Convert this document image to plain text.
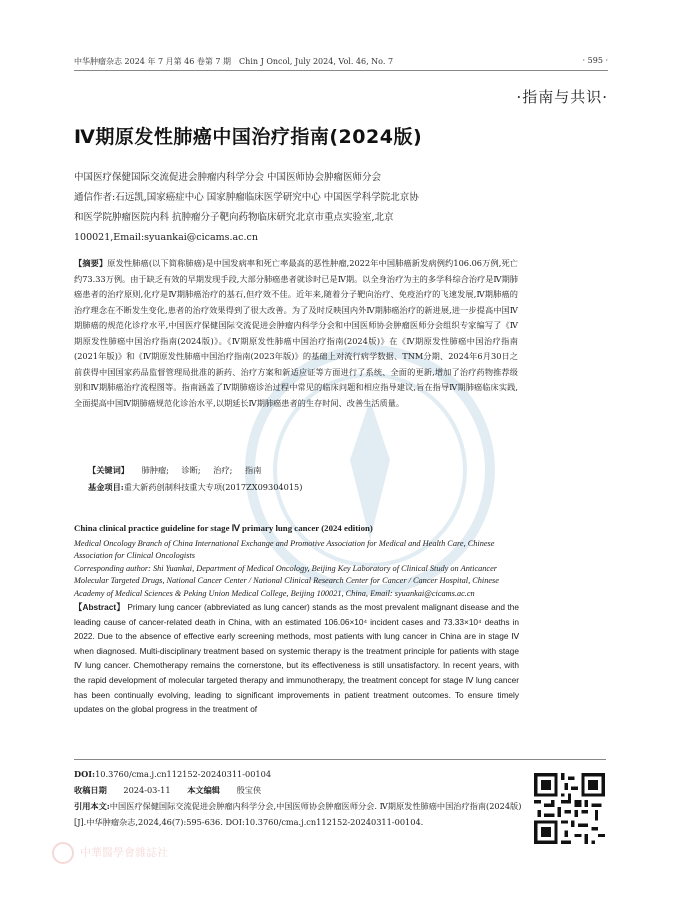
中华肿瘤杂志 2024 年 7 月第 46 卷第 7 期　Chin J Oncol, July 2024, Vol. 46, No. 7	· 595 ·
·指南与共识·
Ⅳ期原发性肺癌中国治疗指南(2024版)
中国医疗保健国际交流促进会肿瘤内科学分会 中国医师协会肿瘤医师分会
通信作者:石远凯,国家癌症中心 国家肿瘤临床医学研究中心 中国医学科学院北京协
和医学院肿瘤医院内科 抗肿瘤分子靶向药物临床研究北京市重点实验室,北京
100021,Email:syuankai@cicams.ac.cn
【摘要】原发性肺癌(以下简称肺癌)是中国发病率和死亡率最高的恶性肿瘤,2022年中国肺癌新发病例约106.06万例,死亡约73.33万例。由于缺乏有效的早期发现手段,大部分肺癌患者就诊时已是Ⅳ期。以全身治疗为主的多学科综合治疗是Ⅳ期肺癌患者的治疗原则,化疗是Ⅳ期肺癌治疗的基石,但疗效不佳。近年来,随着分子靶向治疗、免疫治疗的飞速发展,Ⅳ期肺癌的治疗理念在不断发生变化,患者的治疗效果得到了很大改善。为了及时反映国内外Ⅳ期肺癌治疗的新进展,进一步提高中国Ⅳ期肺癌的规范化诊疗水平,中国医疗保健国际交流促进会肿瘤内科学分会和中国医师协会肿瘤医师分会组织专家编写了《Ⅳ期原发性肺癌中国治疗指南(2024版)》。《Ⅳ期原发性肺癌中国治疗指南(2024版)》在《Ⅳ期原发性肺癌中国治疗指南(2021年版)》和《Ⅳ期原发性肺癌中国治疗指南(2023年版)》的基础上对流行病学数据、TNM分期、2024年6月30日之前获得中国国家药品监督管理局批准的新药、治疗方案和新适应证等方面进行了系统、全面的更新,增加了治疗药物推荐级别和Ⅳ期肺癌治疗流程图等。指南涵盖了Ⅳ期肺癌诊治过程中常见的临床问题和相应指导建议,旨在指导Ⅳ期肺癌临床实践,全面提高中国Ⅳ期肺癌规范化诊治水平,以期延长Ⅳ期肺癌患者的生存时间、改善生活质量。
【关键词】 肺肿瘤; 诊断; 治疗; 指南
基金项目:重大新药创制科技重大专项(2017ZX09304015)
China clinical practice guideline for stage Ⅳ primary lung cancer (2024 edition)
Medical Oncology Branch of China International Exchange and Promotive Association for Medical and Health Care, Chinese Association for Clinical Oncologists
Corresponding author: Shi Yuankai, Department of Medical Oncology, Beijing Key Laboratory of Clinical Study on Anticancer Molecular Targeted Drugs, National Cancer Center / National Clinical Research Center for Cancer / Cancer Hospital, Chinese Academy of Medical Sciences & Peking Union Medical College, Beijing 100021, China, Email: syuankai@cicams.ac.cn
【Abstract】 Primary lung cancer (abbreviated as lung cancer) stands as the most prevalent malignant disease and the leading cause of cancer-related death in China, with an estimated 106.06×10⁴ incident cases and 73.33×10⁴ deaths in 2022. Due to the absence of effective early screening methods, most patients with lung cancer in China are in stage Ⅳ when diagnosed. Multi-disciplinary treatment based on systemic therapy is the treatment principle for patients with stage Ⅳ lung cancer. Chemotherapy remains the cornerstone, but its effectiveness is still unsatisfactory. In recent years, with the rapid development of molecular targeted therapy and immunotherapy, the treatment concept for stage Ⅳ lung cancer has been continually evolving, leading to significant improvements in patient treatment outcomes. To ensure timely updates on the global progress in the treatment of
DOI:10.3760/cma.j.cn112152-20240311-00104
收稿日期 2024-03-11 本文编辑 殷宝侠
引用本文:中国医疗保健国际交流促进会肿瘤内科学分会,中国医师协会肿瘤医师分会. Ⅳ期原发性肺癌中国治疗指南(2024版)[J].中华肿瘤杂志,2024,46(7):595-636. DOI:10.3760/cma.j.cn112152-20240311-00104.
中華醫學會雜誌社
